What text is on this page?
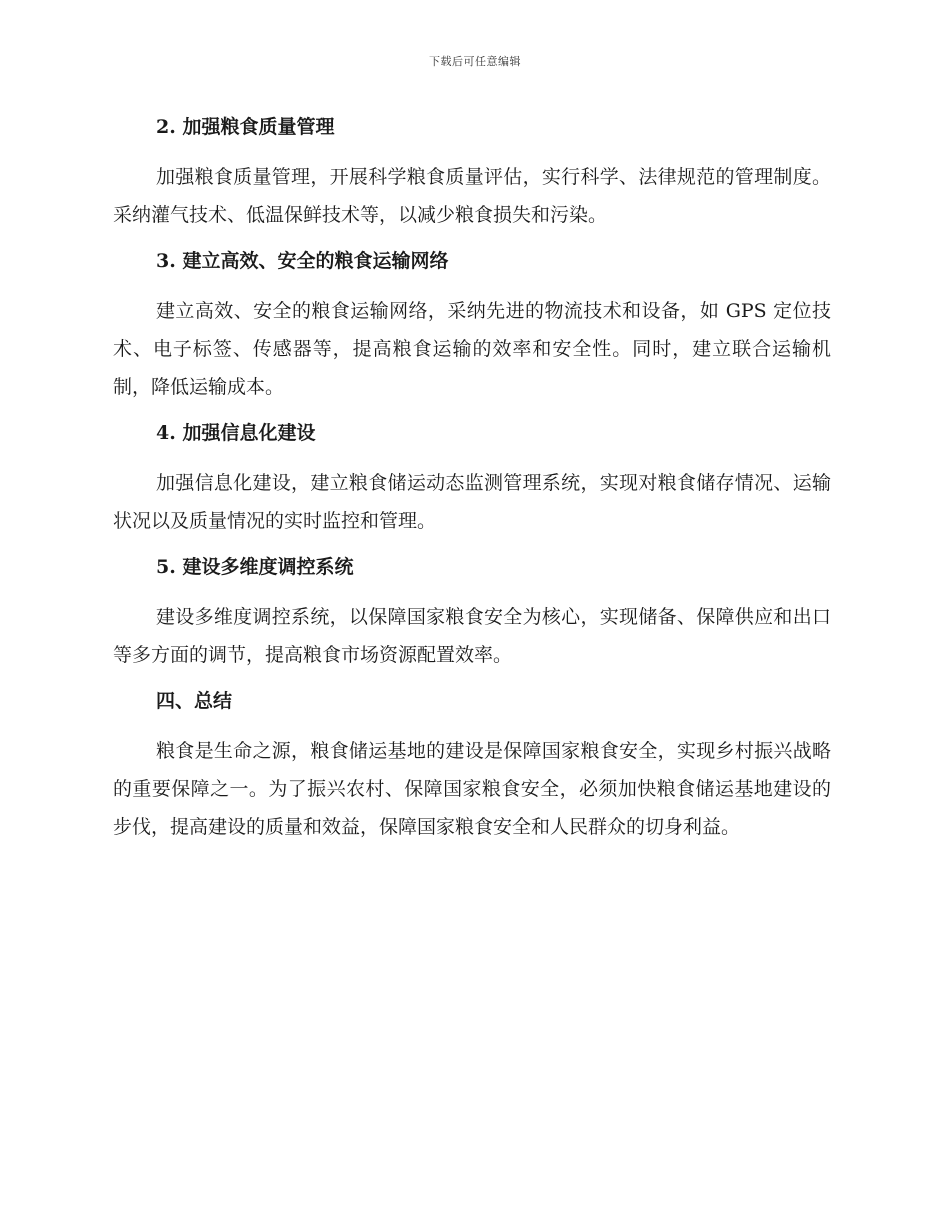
下载后可任意编辑
2. 加强粮食质量管理

加强粮食质量管理，开展科学粮食质量评估，实行科学、法律规范的管理制度。采纳灌气技术、低温保鲜技术等，以减少粮食损失和污染。

3. 建立高效、安全的粮食运输网络

建立高效、安全的粮食运输网络，采纳先进的物流技术和设备，如 GPS 定位技术、电子标签、传感器等，提高粮食运输的效率和安全性。同时，建立联合运输机制，降低运输成本。

4. 加强信息化建设

加强信息化建设，建立粮食储运动态监测管理系统，实现对粮食储存情况、运输状况以及质量情况的实时监控和管理。

5. 建设多维度调控系统

建设多维度调控系统，以保障国家粮食安全为核心，实现储备、保障供应和出口等多方面的调节，提高粮食市场资源配置效率。

四、总结

粮食是生命之源，粮食储运基地的建设是保障国家粮食安全，实现乡村振兴战略的重要保障之一。为了振兴农村、保障国家粮食安全，必须加快粮食储运基地建设的步伐，提高建设的质量和效益，保障国家粮食安全和人民群众的切身利益。
